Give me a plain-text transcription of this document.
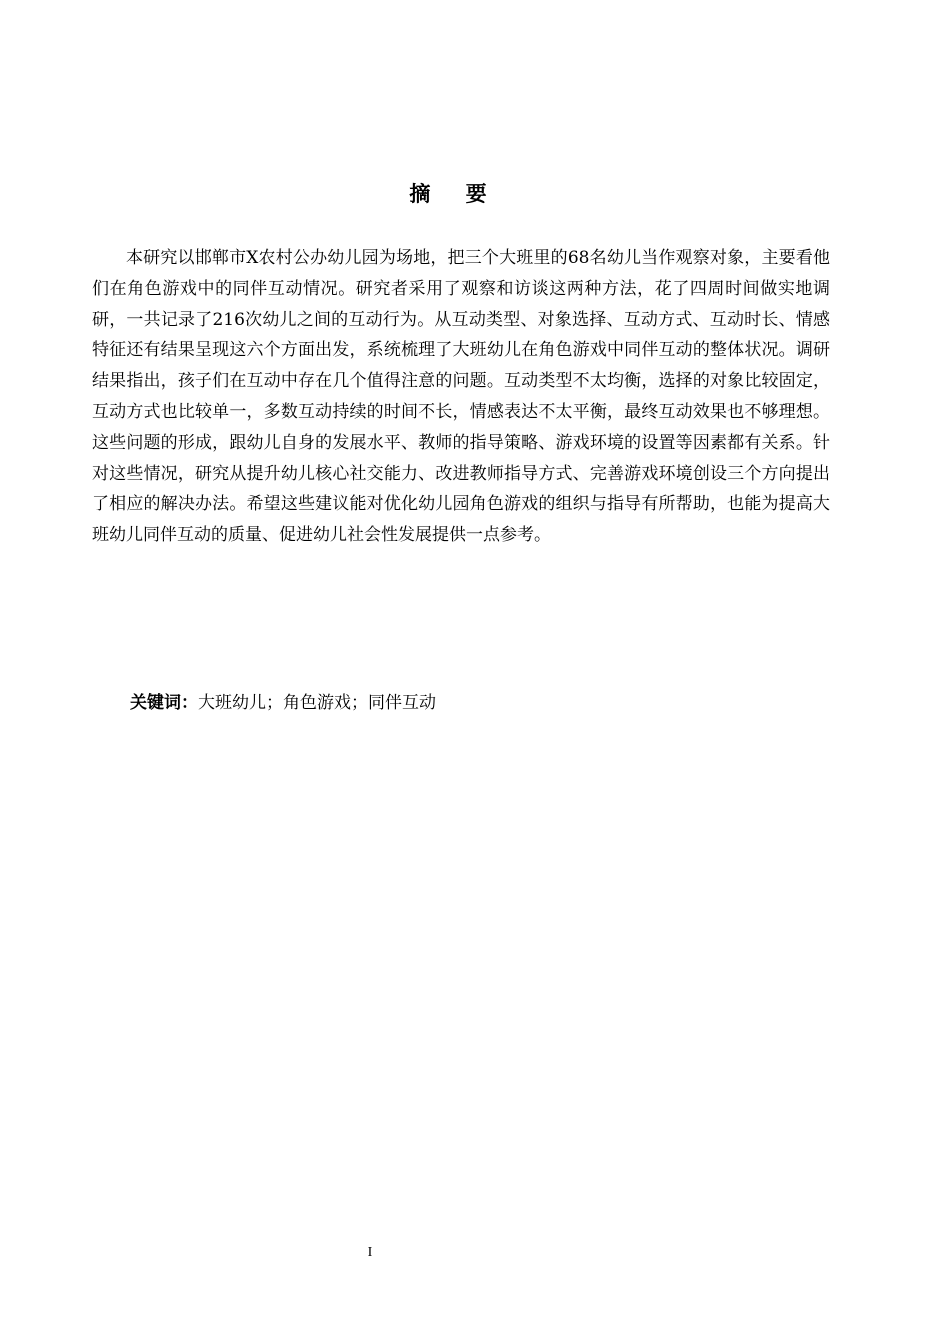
摘 要

本研究以邯郸市X农村公办幼儿园为场地，把三个大班里的68名幼儿当作观察对象，主要看他们在角色游戏中的同伴互动情况。研究者采用了观察和访谈这两种方法，花了四周时间做实地调研，一共记录了216次幼儿之间的互动行为。从互动类型、对象选择、互动方式、互动时长、情感特征还有结果呈现这六个方面出发，系统梳理了大班幼儿在角色游戏中同伴互动的整体状况。调研结果指出，孩子们在互动中存在几个值得注意的问题。互动类型不太均衡，选择的对象比较固定，互动方式也比较单一，多数互动持续的时间不长，情感表达不太平衡，最终互动效果也不够理想。这些问题的形成，跟幼儿自身的发展水平、教师的指导策略、游戏环境的设置等因素都有关系。针对这些情况，研究从提升幼儿核心社交能力、改进教师指导方式、完善游戏环境创设三个方向提出了相应的解决办法。希望这些建议能对优化幼儿园角色游戏的组织与指导有所帮助，也能为提高大班幼儿同伴互动的质量、促进幼儿社会性发展提供一点参考。

关键词：大班幼儿；角色游戏；同伴互动
I
